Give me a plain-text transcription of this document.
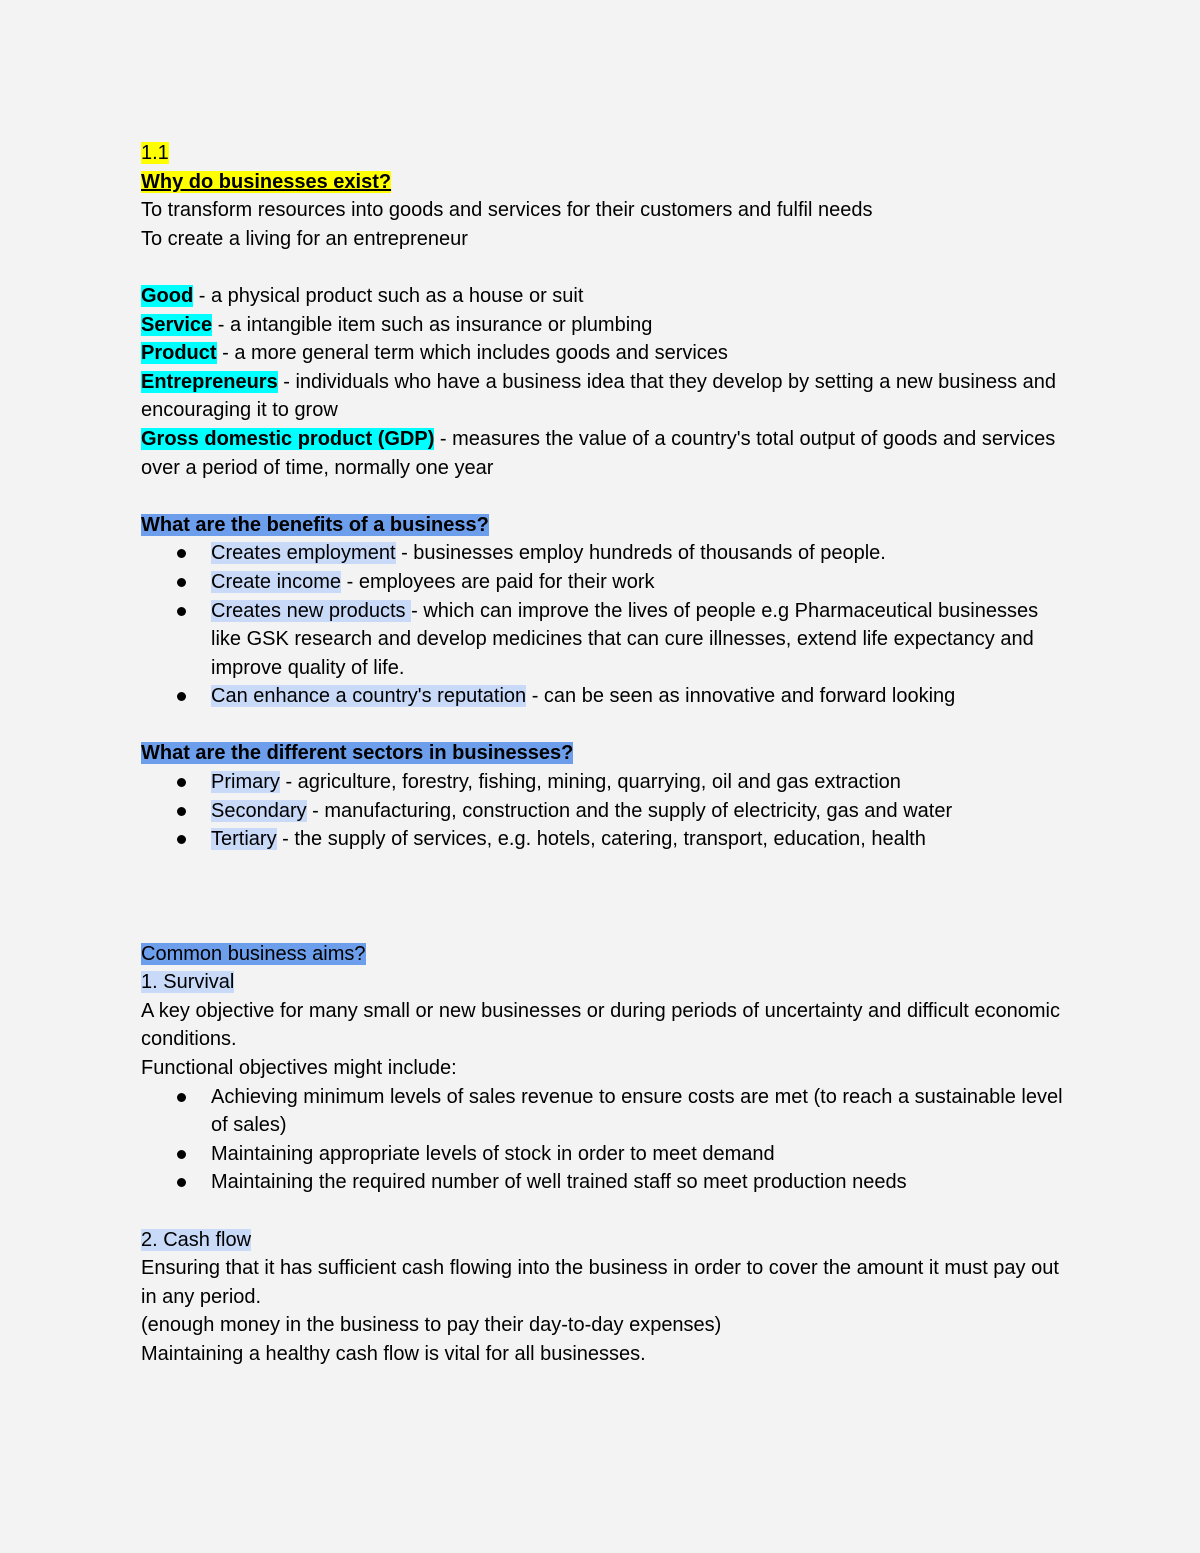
1.1

Why do businesses exist?

To transform resources into goods and services for their customers and fulfil needs

To create a living for an entrepreneur

Good - a physical product such as a house or suit

Service - a intangible item such as insurance or plumbing

Product - a more general term which includes goods and services

Entrepreneurs - individuals who have a business idea that they develop by setting a new business and encouraging it to grow

Gross domestic product (GDP) - measures the value of a country's total output of goods and services over a period of time, normally one year

What are the benefits of a business?

Creates employment - businesses employ hundreds of thousands of people.
Create income - employees are paid for their work
Creates new products - which can improve the lives of people e.g Pharmaceutical businesses like GSK research and develop medicines that can cure illnesses, extend life expectancy and improve quality of life.
Can enhance a country's reputation - can be seen as innovative and forward looking

What are the different sectors in businesses?

Primary - agriculture, forestry, fishing, mining, quarrying, oil and gas extraction
Secondary - manufacturing, construction and the supply of electricity, gas and water
Tertiary - the supply of services, e.g. hotels, catering, transport, education, health

Common business aims?

1. Survival

A key objective for many small or new businesses or during periods of uncertainty and difficult economic conditions.

Functional objectives might include:

Achieving minimum levels of sales revenue to ensure costs are met (to reach a sustainable level of sales)
Maintaining appropriate levels of stock in order to meet demand
Maintaining the required number of well trained staff so meet production needs

2. Cash flow

Ensuring that it has sufficient cash flowing into the business in order to cover the amount it must pay out in any period.

(enough money in the business to pay their day-to-day expenses)

Maintaining a healthy cash flow is vital for all businesses.
